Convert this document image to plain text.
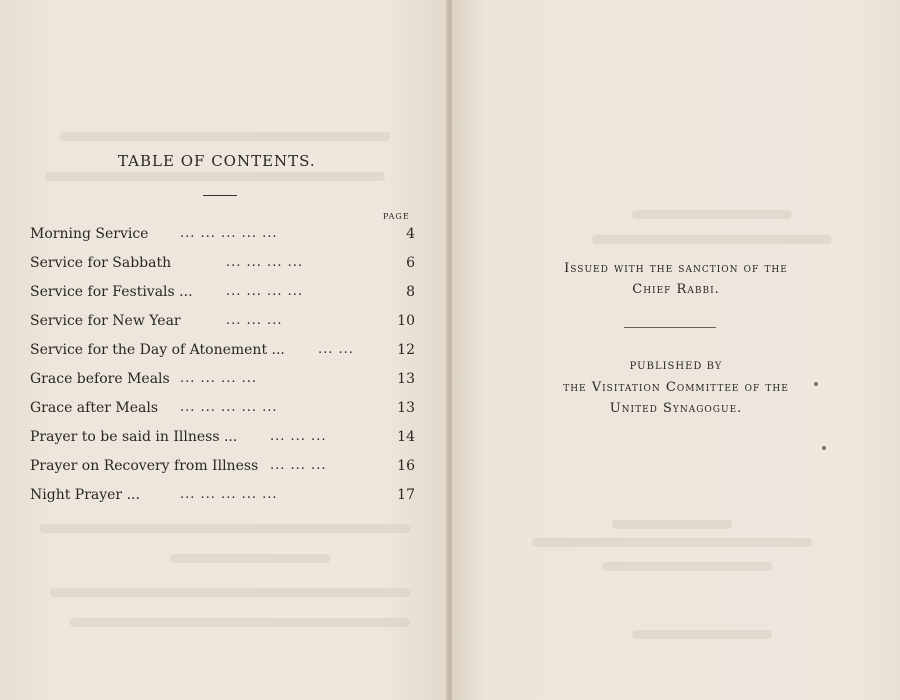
TABLE OF CONTENTS.
PAGE
Morning Service ... ... ... ... ...	4
Service for Sabbath	... ... ... ...	6
Service for Festivals ...	... ... ... ...	8
Service for New Year	... ... ...	10
Service for the Day of Atonement ...	... ...	12
Grace before Meals ... ... ... ...	13
Grace after Meals ... ... ... ... ...	13
Prayer to be said in Illness ...	... ... ...	14
Prayer on Recovery from Illness ... ... ...	16
Night Prayer ...	... ... ... ... ...	17
Issued with the sanction of the
Chief Rabbi.
PUBLISHED BY
the Visitation Committee of the
United Synagogue.
